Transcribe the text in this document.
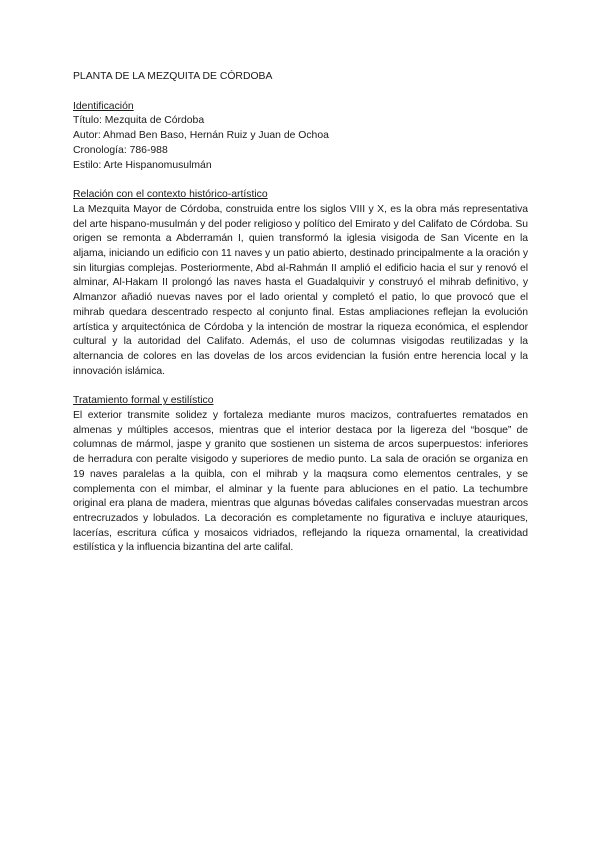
PLANTA DE LA MEZQUITA DE CÓRDOBA

Identificación

Título: Mezquita de Córdoba

Autor: Ahmad Ben Baso, Hernán Ruiz y Juan de Ochoa

Cronología: 786-988

Estilo: Arte Hispanomusulmán

Relación con el contexto histórico-artístico

La Mezquita Mayor de Córdoba, construida entre los siglos VIII y X, es la obra más representativa del arte hispano-musulmán y del poder religioso y político del Emirato y del Califato de Córdoba. Su origen se remonta a Abderramán I, quien transformó la iglesia visigoda de San Vicente en la aljama, iniciando un edificio con 11 naves y un patio abierto, destinado principalmente a la oración y sin liturgias complejas. Posteriormente, Abd al-Rahmán II amplió el edificio hacia el sur y renovó el alminar, Al-Hakam II prolongó las naves hasta el Guadalquivir y construyó el mihrab definitivo, y Almanzor añadió nuevas naves por el lado oriental y completó el patio, lo que provocó que el mihrab quedara descentrado respecto al conjunto final. Estas ampliaciones reflejan la evolución artística y arquitectónica de Córdoba y la intención de mostrar la riqueza económica, el esplendor cultural y la autoridad del Califato. Además, el uso de columnas visigodas reutilizadas y la alternancia de colores en las dovelas de los arcos evidencian la fusión entre herencia local y la innovación islámica.

Tratamiento formal y estilístico

El exterior transmite solidez y fortaleza mediante muros macizos, contrafuertes rematados en almenas y múltiples accesos, mientras que el interior destaca por la ligereza del “bosque” de columnas de mármol, jaspe y granito que sostienen un sistema de arcos superpuestos: inferiores de herradura con peralte visigodo y superiores de medio punto. La sala de oración se organiza en 19 naves paralelas a la quibla, con el mihrab y la maqsura como elementos centrales, y se complementa con el mimbar, el alminar y la fuente para abluciones en el patio. La techumbre original era plana de madera, mientras que algunas bóvedas califales conservadas muestran arcos entrecruzados y lobulados. La decoración es completamente no figurativa e incluye atauriques, lacerías, escritura cúfica y mosaicos vidriados, reflejando la riqueza ornamental, la creatividad estilística y la influencia bizantina del arte califal.
